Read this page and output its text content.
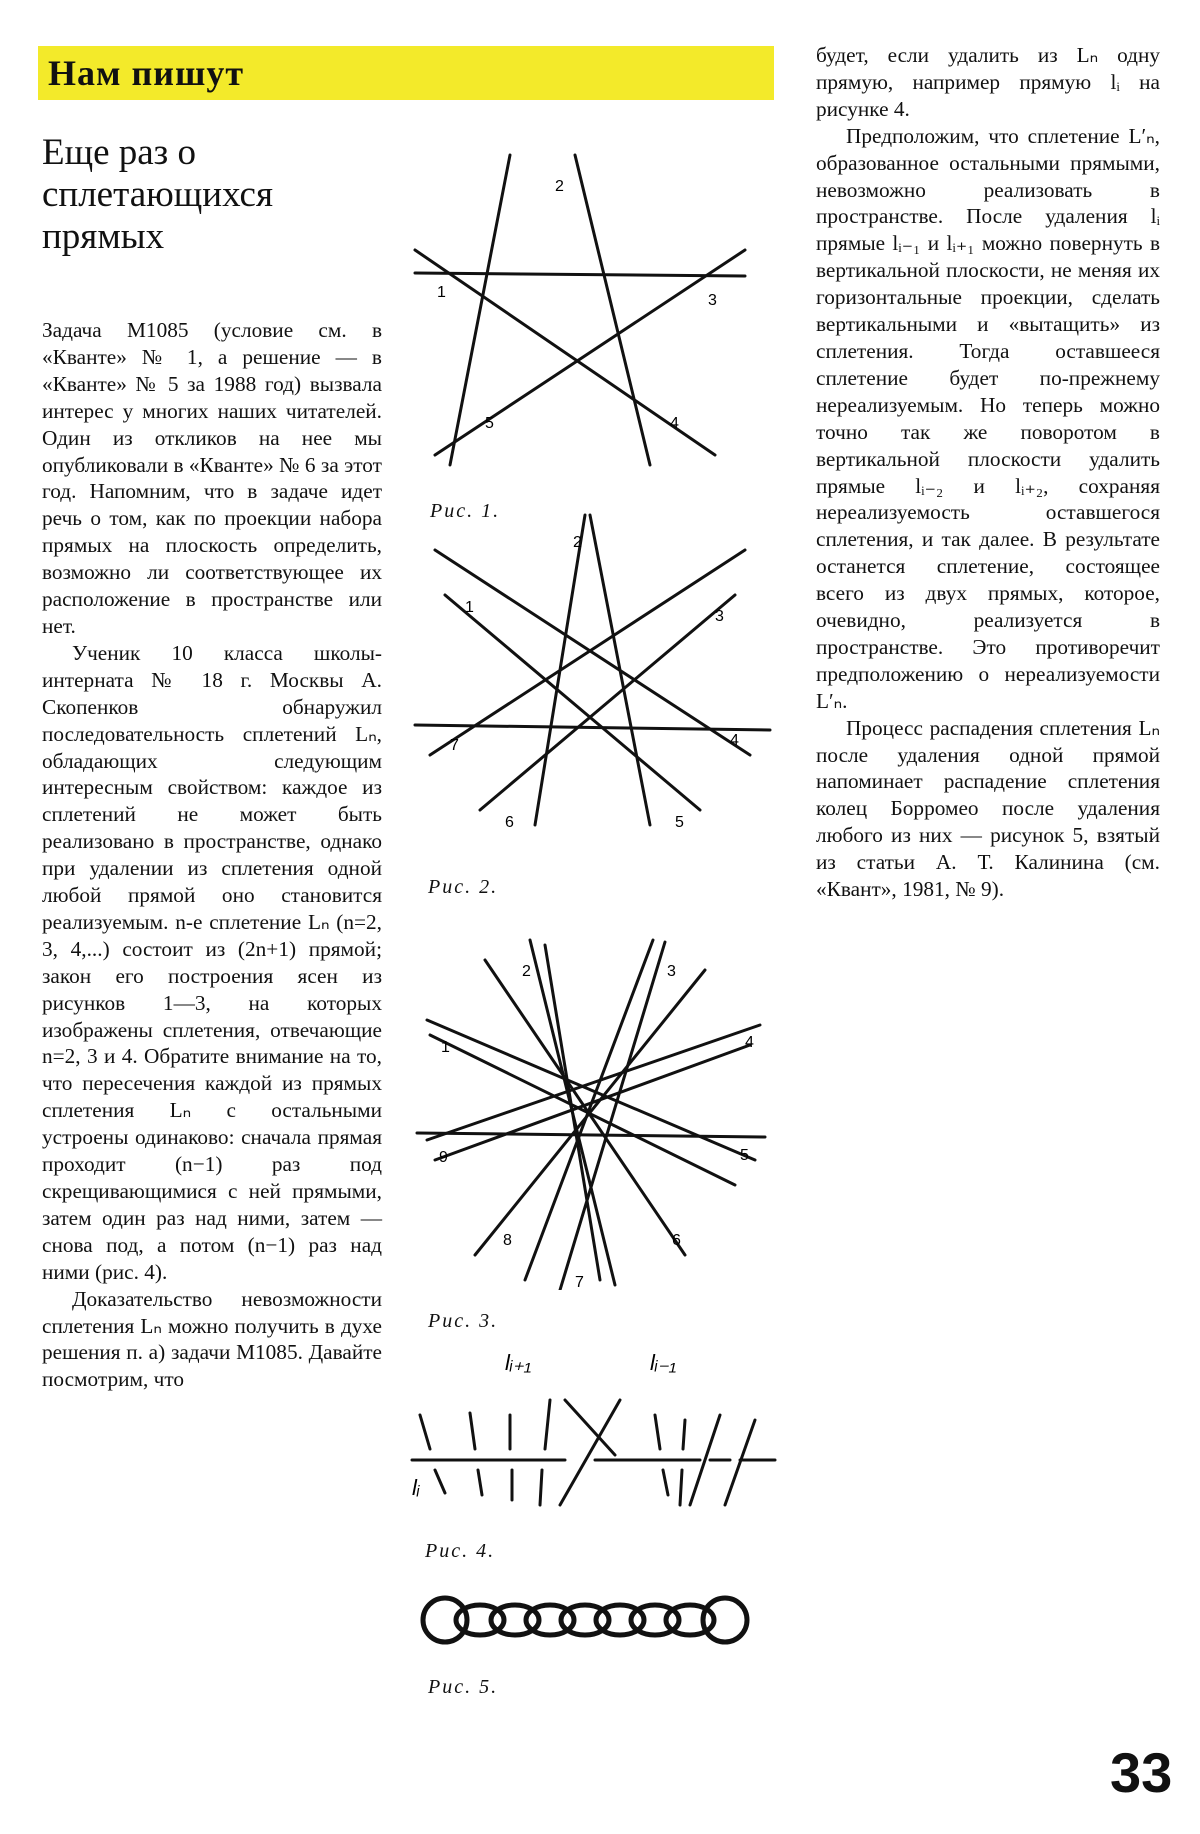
Нам пишут
Еще раз о сплетающихся прямых

Задача М1085 (условие см. в «Кванте» № 1, а решение — в «Кванте» № 5 за 1988 год) вызвала интерес у многих наших читателей. Один из откликов на нее мы опубликовали в «Кванте» № 6 за этот год. Напомним, что в задаче идет речь о том, как по проекции набора прямых на плоскость определить, возможно ли соответствующее их расположение в пространстве или нет.

Ученик 10 класса школы-интерната № 18 г. Москвы А. Скопенков обнаружил последовательность сплетений Lₙ, обладающих следующим интересным свойством: каждое из сплетений не может быть реализовано в пространстве, однако при удалении из сплетения одной любой прямой оно становится реализуемым. n-е сплетение Lₙ (n=2, 3, 4,...) состоит из (2n+1) прямой; закон его построения ясен из рисунков 1—3, на которых изображены сплетения, отвечающие n=2, 3 и 4. Обратите внимание на то, что пересечения каждой из прямых сплетения Lₙ с остальными устроены одинаково: сначала прямая проходит (n−1) раз под скрещивающимися с ней прямыми, затем один раз над ними, затем — снова под, а потом (n−1) раз над ними (рис. 4).

Доказательство невозможности сплетения Lₙ можно получить в духе решения п. а) задачи М1085. Давайте посмотрим, что

будет, если удалить из Lₙ одну прямую, например прямую lᵢ на рисунке 4.

Предположим, что сплетение L′ₙ, образованное остальными прямыми, невозможно реализовать в пространстве. После удаления lᵢ прямые lᵢ₋₁ и lᵢ₊₁ можно повернуть в вертикальной плоскости, не меняя их горизонтальные проекции, сделать вертикальными и «вытащить» из сплетения. Тогда оставшееся сплетение будет по-прежнему нереализуемым. Но теперь можно точно так же поворотом в вертикальной плоскости удалить прямые lᵢ₋₂ и lᵢ₊₂, сохраняя нереализуемость оставшегося сплетения, и так далее. В результате останется сплетение, состоящее всего из двух прямых, которое, очевидно, реализуется в пространстве. Это противоречит предположению о нереализуемости L′ₙ.

Процесс распадения сплетения Lₙ после удаления одной прямой напоминает распадение сплетения колец Борромео после удаления любого из них — рисунок 5, взятый из статьи А. Т. Калинина (см. «Квант», 1981, № 9).

1
2
3
4
5
Рис. 1.
1
2
3
4
5
6
7
Рис. 2.
1
2	3
4
5
6
7
8
9
Рис. 3.
lᵢ₊₁	lᵢ₋₁
lᵢ
Рис. 4.
Рис. 5.
33
